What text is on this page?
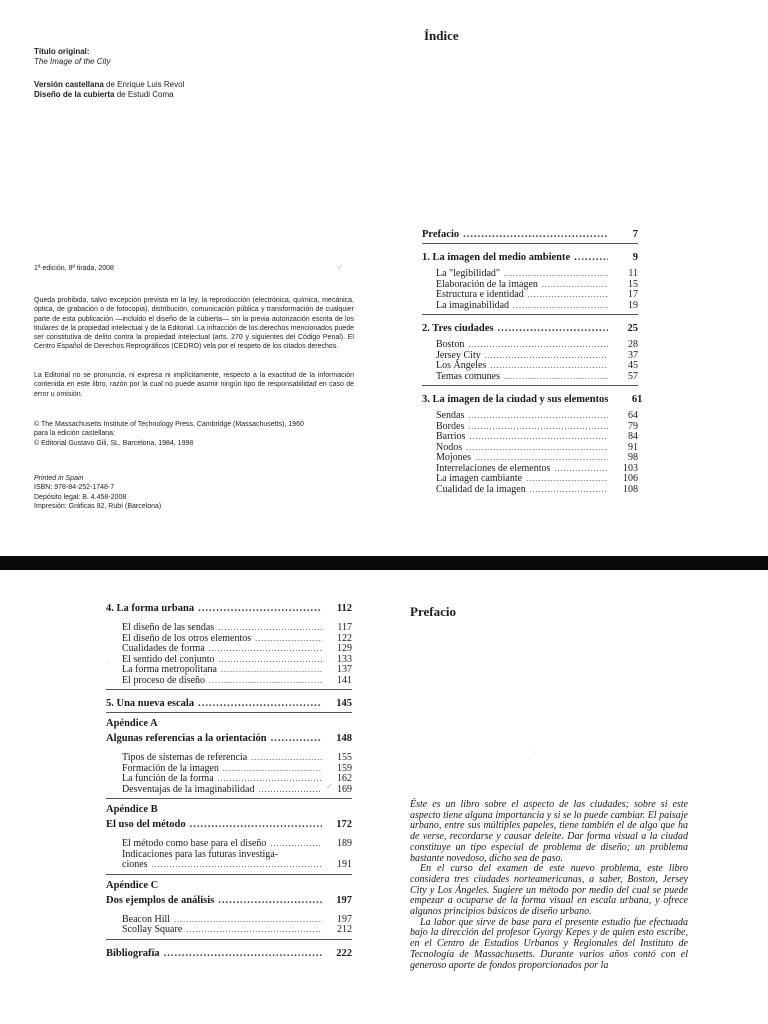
Título original:
The Image of the City
Versión castellana de Enrique Luis Revol
Diseño de la cubierta de Estudi Coma
1ª edición, 8ª tirada, 2008	✓
Queda prohibida, salvo excepción prevista en la ley, la reproducción (electrónica, química, mecánica, óptica, de grabación o de fotocopia), distribución, comunicación pública y transformación de cualquier parte de esta publicación —incluido el diseño de la cubierta— sin la previa autorización escrita de los titulares de la propiedad intelectual y de la Editorial. La infracción de los derechos mencionados puede ser constitutiva de delito contra la propiedad intelectual (arts. 270 y siguientes del Código Penal). El Centro Español de Derechos Reprográficos (CEDRO) vela por el respeto de los citados derechos.
La Editorial no se pronuncia, ni expresa ni implícitamente, respecto a la exactitud de la información contenida en este libro, razón por la cual no puede asumir ningún tipo de responsabilidad en caso de error u omisión.
© The Massachusetts Institute of Technology Press, Cambridge (Massachusetts), 1960
para la edición castellana:
© Editorial Gustavo Gili, SL, Barcelona, 1984, 1998
Printed in Spain
ISBN: 978-84-252-1748-7
Depósito legal: B. 4.458-2008
Impresión: Gráficas 92, Rubí (Barcelona)
Índice
Prefacio .....	7
1. La imagen del medio ambiente .....	9
La "legibilidad" .....	11
Elaboración de la imagen .....	15
Estructura e identidad .....	17
La imaginabilidad .....	19
2. Tres ciudades .....	25
Boston .....	28
Jersey City .....	37
Los Ángeles .....	45
Temas comunes .....	57
3. La imagen de la ciudad y sus elementos	61
Sendas .....	64
Bordes .....	79
Barrios .....	84
Nodos .....	91
Mojones .....	98
Interrelaciones de elementos .....	103
La imagen cambiante .....	106
Cualidad de la imagen .....	108
4. La forma urbana .....	112
El diseño de las sendas .....	117
El diseño de los otros elementos .....	122
Cualidades de forma .....	129
El sentido del conjunto .....	133
La forma metropolitana .....	137
El proceso de diseño .....	141
5. Una nueva escala .....	145
Apéndice A
Algunas referencias a la orientación .....	148
Tipos de sistemas de referencia .....	155
Formación de la imagen .....	159
La función de la forma .....	162
Desventajas de la imaginabilidad .....	169
Apéndice B
El uso del método .....	172
El método como base para el diseño .....	189
Indicaciones para las futuras investiga-
ciones .....	191
Apéndice C
Dos ejemplos de análisis .....	197
Beacon Hill .....	197
Scollay Square .....	212
Bibliografía .....	222
·
✓
Prefacio
·

Éste es un libro sobre el aspecto de las ciudades; sobre si este aspecto tiene alguna importancia y si se lo puede cambiar. El paisaje urbano, entre sus múltiples papeles, tiene también el de algo que ha de verse, recordarse y causar deleite. Dar forma visual a la ciudad constituye un tipo especial de problema de diseño; un problema bastante novedoso, dicho sea de paso.

En el curso del examen de este nuevo problema, este libro considera tres ciudades norteamericanas, a saber, Boston, Jersey City y Los Ángeles. Sugiere un método por medio del cual se puede empezar a ocuparse de la forma visual en escala urbana, y ofrece algunos principios básicos de diseño urbano.

La labor que sirve de base para el presente estudio fue efectuada bajo la dirección del profesor Gyorgy Kepes y de quien esto escribe, en el Centro de Estudios Urbanos y Regionales del Instituto de Tecnología de Massachusetts. Durante varios años contó con el generoso aporte de fondos proporcionados por la
